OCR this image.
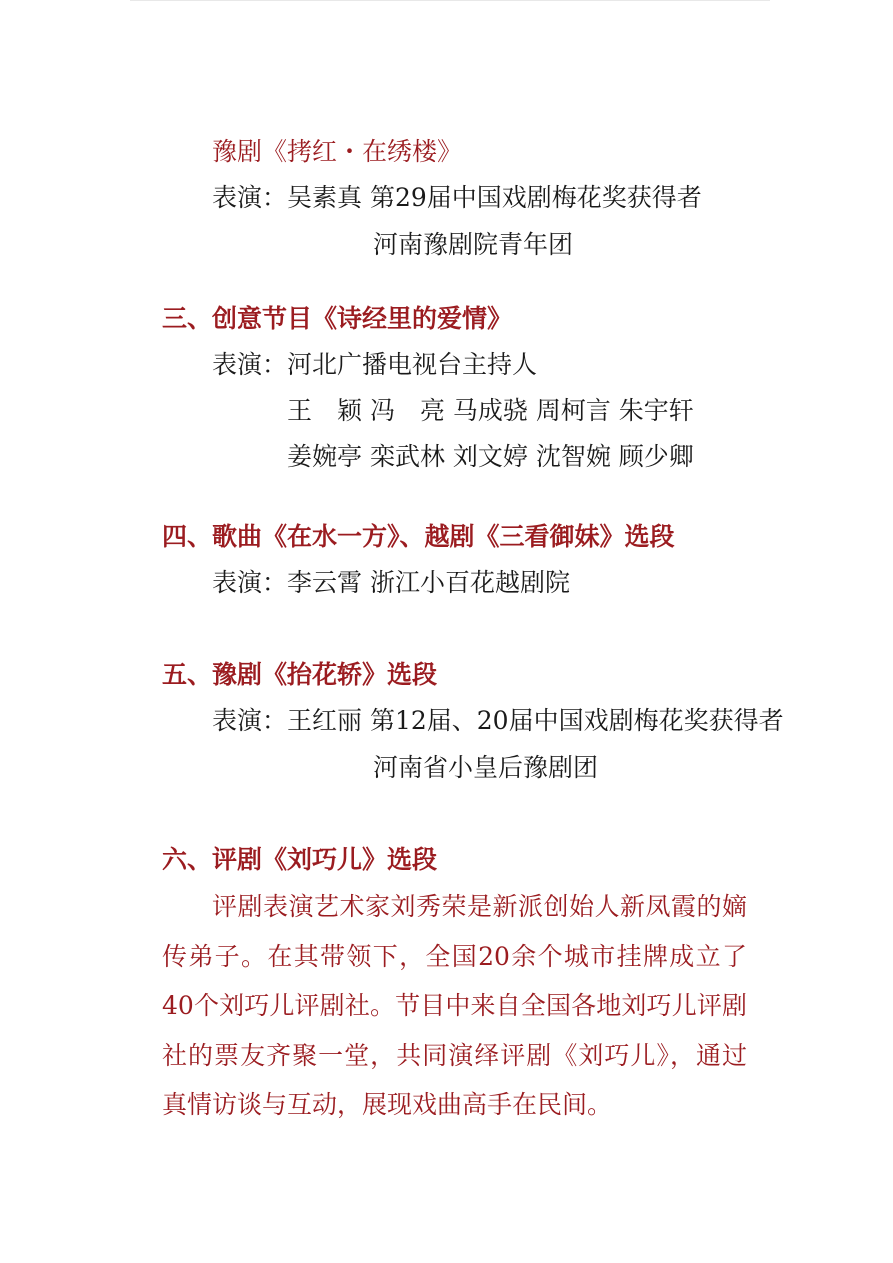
豫剧《拷红・在绣楼》
表演： 吴素真 第29届中国戏剧梅花奖获得者
河南豫剧院青年团
三、创意节目《诗经里的爱情》
表演： 河北广播电视台主持人
王　颖 冯　亮 马成骁 周柯言 朱宇轩
姜婉亭 栾武林 刘文婷 沈智婉 顾少卿
四、歌曲《在水一方》、越剧《三看御妹》选段
表演： 李云霄 浙江小百花越剧院
五、豫剧《抬花轿》选段
表演： 王红丽 第12届、20届中国戏剧梅花奖获得者
河南省小皇后豫剧团
六、评剧《刘巧儿》选段

评剧表演艺术家刘秀荣是新派创始人新凤霞的嫡传弟子。在其带领下，全国20余个城市挂牌成立了40个刘巧儿评剧社。节目中来自全国各地刘巧儿评剧社的票友齐聚一堂，共同演绎评剧《刘巧儿》，通过真情访谈与互动，展现戏曲高手在民间。
